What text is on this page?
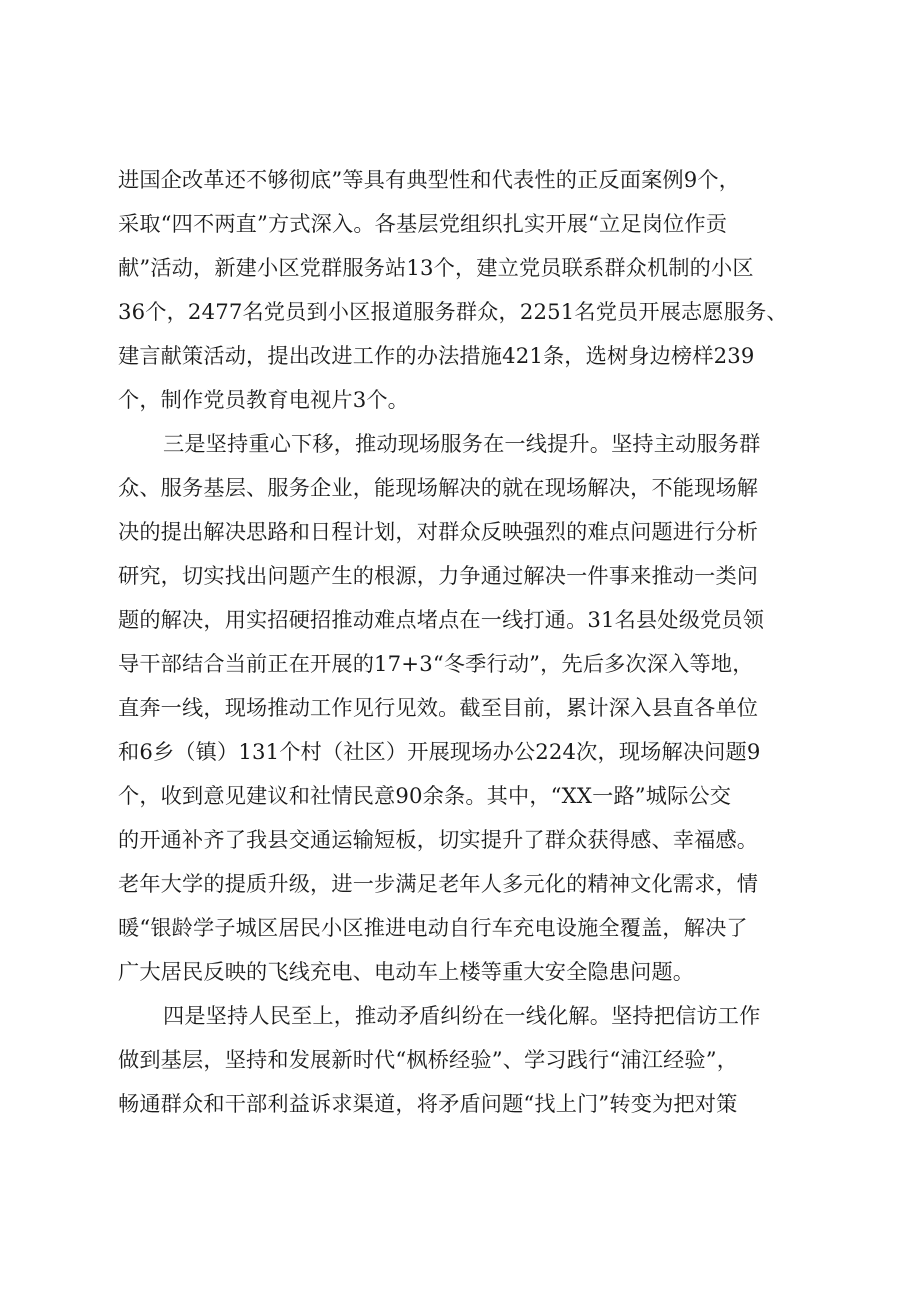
进国企改革还不够彻底”等具有典型性和代表性的正反面案例9个，
采取“四不两直”方式深入。各基层党组织扎实开展“立足岗位作贡
献”活动，新建小区党群服务站13个，建立党员联系群众机制的小区
36个，2477名党员到小区报道服务群众，2251名党员开展志愿服务、
建言献策活动，提出改进工作的办法措施421条，选树身边榜样239
个，制作党员教育电视片3个。
三是坚持重心下移，推动现场服务在一线提升。坚持主动服务群
众、服务基层、服务企业，能现场解决的就在现场解决，不能现场解
决的提出解决思路和日程计划，对群众反映强烈的难点问题进行分析
研究，切实找出问题产生的根源，力争通过解决一件事来推动一类问
题的解决，用实招硬招推动难点堵点在一线打通。31名县处级党员领
导干部结合当前正在开展的17+3“冬季行动”，先后多次深入等地，
直奔一线，现场推动工作见行见效。截至目前，累计深入县直各单位
和6乡（镇）131个村（社区）开展现场办公224次，现场解决问题9
个，收到意见建议和社情民意90余条。其中，“XX一路”城际公交
的开通补齐了我县交通运输短板，切实提升了群众获得感、幸福感。
老年大学的提质升级，进一步满足老年人多元化的精神文化需求，情
暖“银龄学子城区居民小区推进电动自行车充电设施全覆盖，解决了
广大居民反映的飞线充电、电动车上楼等重大安全隐患问题。
四是坚持人民至上，推动矛盾纠纷在一线化解。坚持把信访工作
做到基层，坚持和发展新时代“枫桥经验”、学习践行“浦江经验”，
畅通群众和干部利益诉求渠道，将矛盾问题“找上门”转变为把对策
